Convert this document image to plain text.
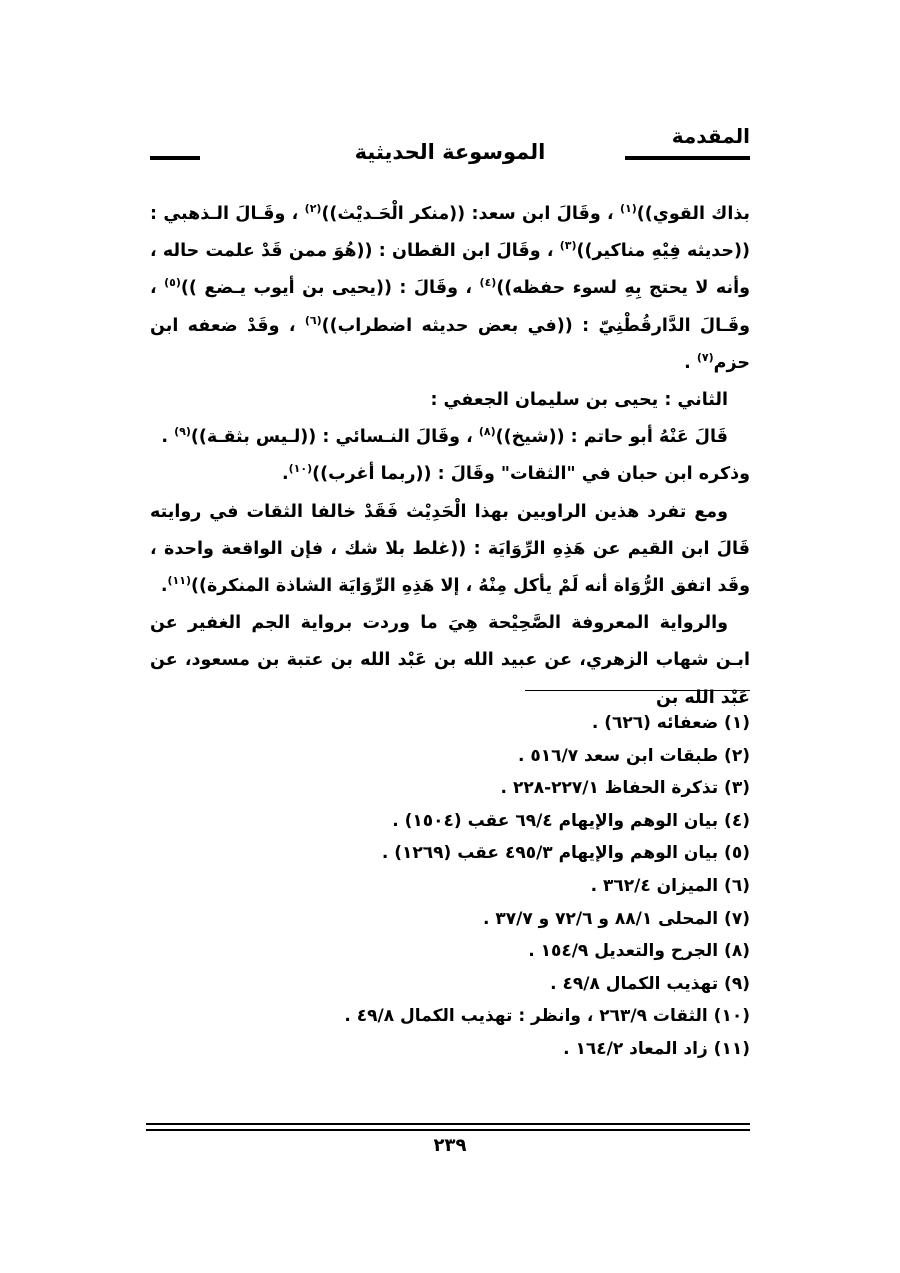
المقدمة
الموسوعة الحديثية

بذاك القوي))$^{(١)}$ ، وقَالَ ابن سعد: ((منكر الْحَـديْث))$^{(٢)}$ ، وقَـالَ الـذهبي : ((حديثه فِيْهِ مناكير))$^{(٣)}$ ، وقَالَ ابن القطان : ((هُوَ ممن قَدْ علمت حاله ، وأنه لا يحتج بِهِ لسوء حفظه))$^{(٤)}$ ، وقَالَ : ((يحيى بن أيوب يـضع ))$^{(٥)}$ ، وقَـالَ الدَّارقُطْنِيّ : ((في بعض حديثه اضطراب))$^{(٦)}$ ، وقَدْ ضعفه ابن حزم$^{(٧)}$ .

الثاني : يحيى بن سليمان الجعفي :

قَالَ عَنْهُ أبو حاتم : ((شيخ))$^{(٨)}$ ، وقَالَ النـسائي : ((لـيس بثقـة))$^{(٩)}$ .

وذكره ابن حبان في "الثقات" وقَالَ : ((ربما أغرب))$^{(١٠)}$.

ومع تفرد هذين الراويين بهذا الْحَدِيْث فَقَدْ خالفا الثقات في روايته قَالَ ابن القيم عن هَذِهِ الرِّوَايَة : ((غلط بلا شك ، فإن الواقعة واحدة ، وقَد اتفق الرُّوَاة أنه لَمْ يأكل مِنْهُ ، إلا هَذِهِ الرِّوَايَة الشاذة المنكرة))$^{(١١)}$.

والرواية المعروفة الصَّحِيْحة هِيَ ما وردت برواية الجم الغفير عن ابـن شهاب الزهري، عن عبيد الله بن عَبْد الله بن عتبة بن مسعود، عن عَبْد الله بن

(١) ضعفائه (٦٢٦) .
(٢) طبقات ابن سعد ٥١٦/٧ .
(٣) تذكرة الحفاظ ٢٢٧/١-٢٢٨ .
(٤) بيان الوهم والإيهام ٦٩/٤ عقب (١٥٠٤) .
(٥) بيان الوهم والإيهام ٤٩٥/٣ عقب (١٢٦٩) .
(٦) الميزان ٣٦٢/٤ .
(٧) المحلى ٨٨/١ و ٧٢/٦ و ٣٧/٧ .
(٨) الجرح والتعديل ١٥٤/٩ .
(٩) تهذيب الكمال ٤٩/٨ .
(١٠) الثقات ٢٦٣/٩ ، وانظر : تهذيب الكمال ٤٩/٨ .
(١١) زاد المعاد ١٦٤/٢ .
٢٣٩
